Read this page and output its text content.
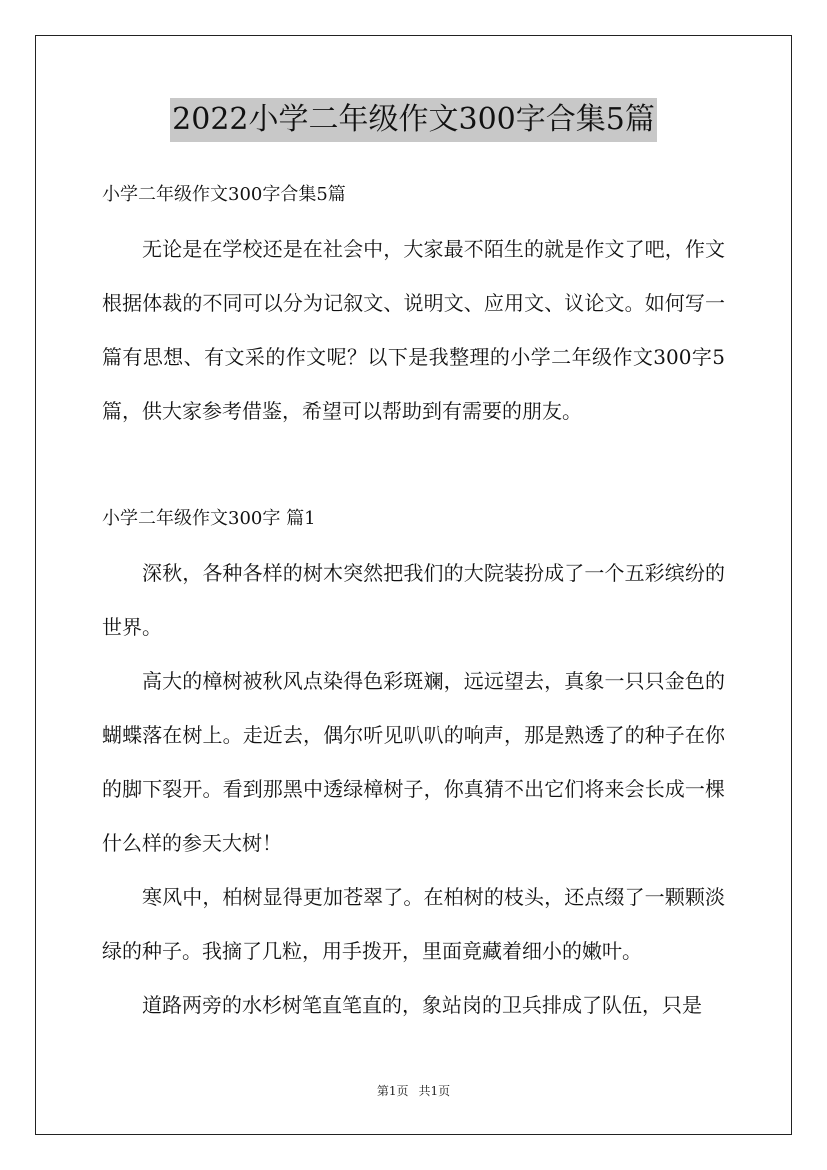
2022小学二年级作文300字合集5篇

小学二年级作文300字合集5篇

无论是在学校还是在社会中，大家最不陌生的就是作文了吧，作文根据体裁的不同可以分为记叙文、说明文、应用文、议论文。如何写一篇有思想、有文采的作文呢？以下是我整理的小学二年级作文300字5篇，供大家参考借鉴，希望可以帮助到有需要的朋友。

小学二年级作文300字 篇1

深秋，各种各样的树木突然把我们的大院装扮成了一个五彩缤纷的世界。

高大的樟树被秋风点染得色彩斑斓，远远望去，真象一只只金色的蝴蝶落在树上。走近去，偶尔听见叭叭的响声，那是熟透了的种子在你的脚下裂开。看到那黑中透绿樟树子，你真猜不出它们将来会长成一棵什么样的参天大树！

寒风中，柏树显得更加苍翠了。在柏树的枝头，还点缀了一颗颗淡绿的种子。我摘了几粒，用手拨开，里面竟藏着细小的嫩叶。

道路两旁的水杉树笔直笔直的，象站岗的卫兵排成了队伍，只是

第1页 共1页
